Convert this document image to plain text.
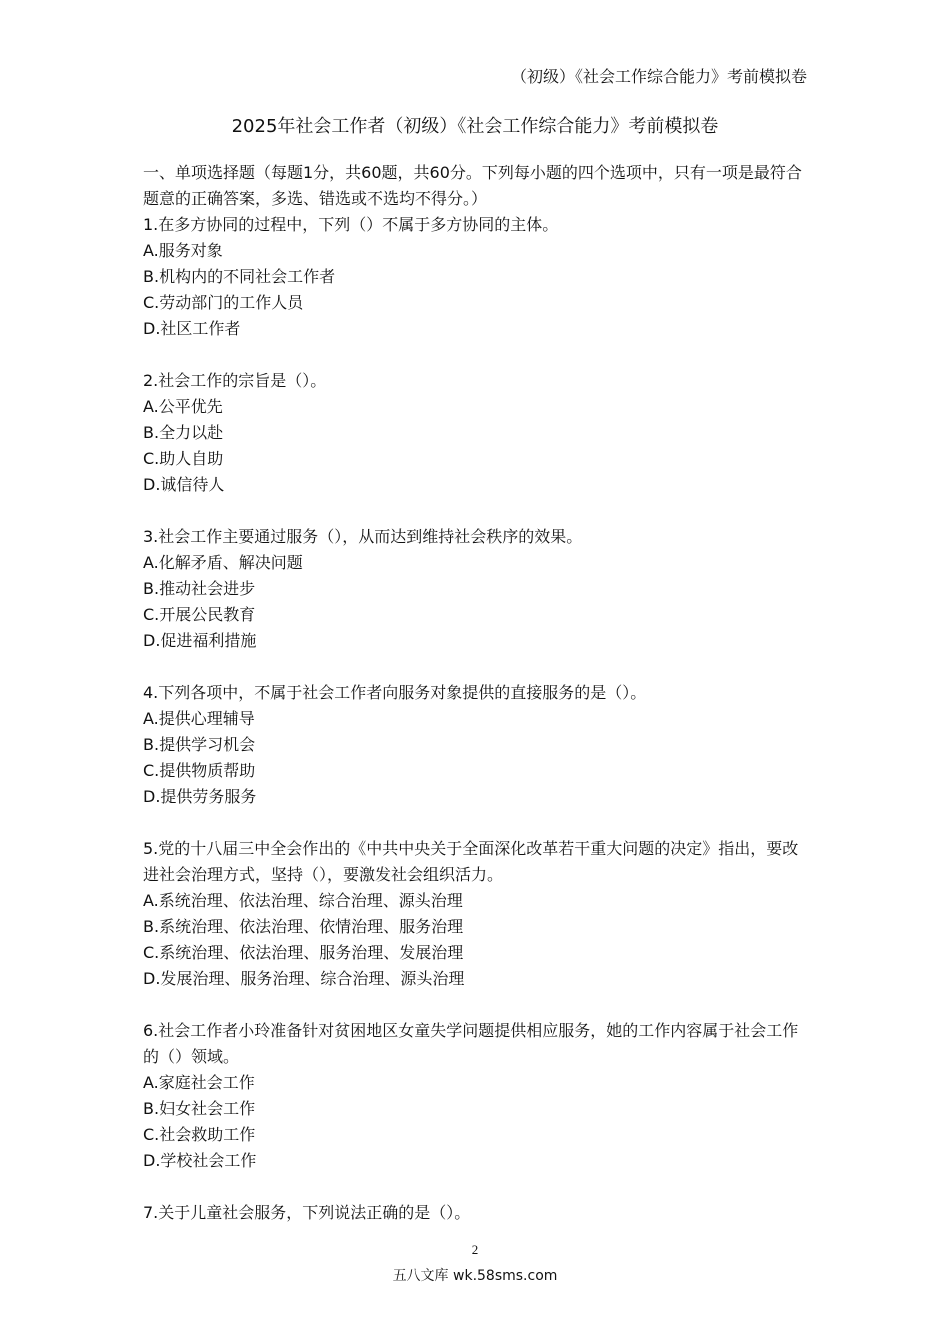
（初级）《社会工作综合能力》考前模拟卷
2025年社会工作者（初级）《社会工作综合能力》考前模拟卷

一、单项选择题（每题1分，共60题，共60分。下列每小题的四个选项中，只有一项是最符合题意的正确答案，多选、错选或不选均不得分。）

1.在多方协同的过程中，下列（）不属于多方协同的主体。

A.服务对象

B.机构内的不同社会工作者

C.劳动部门的工作人员

D.社区工作者

2.社会工作的宗旨是（）。

A.公平优先

B.全力以赴

C.助人自助

D.诚信待人

3.社会工作主要通过服务（），从而达到维持社会秩序的效果。

A.化解矛盾、解决问题

B.推动社会进步

C.开展公民教育

D.促进福利措施

4.下列各项中，不属于社会工作者向服务对象提供的直接服务的是（）。

A.提供心理辅导

B.提供学习机会

C.提供物质帮助

D.提供劳务服务

5.党的十八届三中全会作出的《中共中央关于全面深化改革若干重大问题的决定》指出，要改进社会治理方式，坚持（），要激发社会组织活力。

A.系统治理、依法治理、综合治理、源头治理

B.系统治理、依法治理、依情治理、服务治理

C.系统治理、依法治理、服务治理、发展治理

D.发展治理、服务治理、综合治理、源头治理

6.社会工作者小玲准备针对贫困地区女童失学问题提供相应服务，她的工作内容属于社会工作的（）领域。

A.家庭社会工作

B.妇女社会工作

C.社会救助工作

D.学校社会工作

7.关于儿童社会服务，下列说法正确的是（）。

2
五八文库 wk.58sms.com
